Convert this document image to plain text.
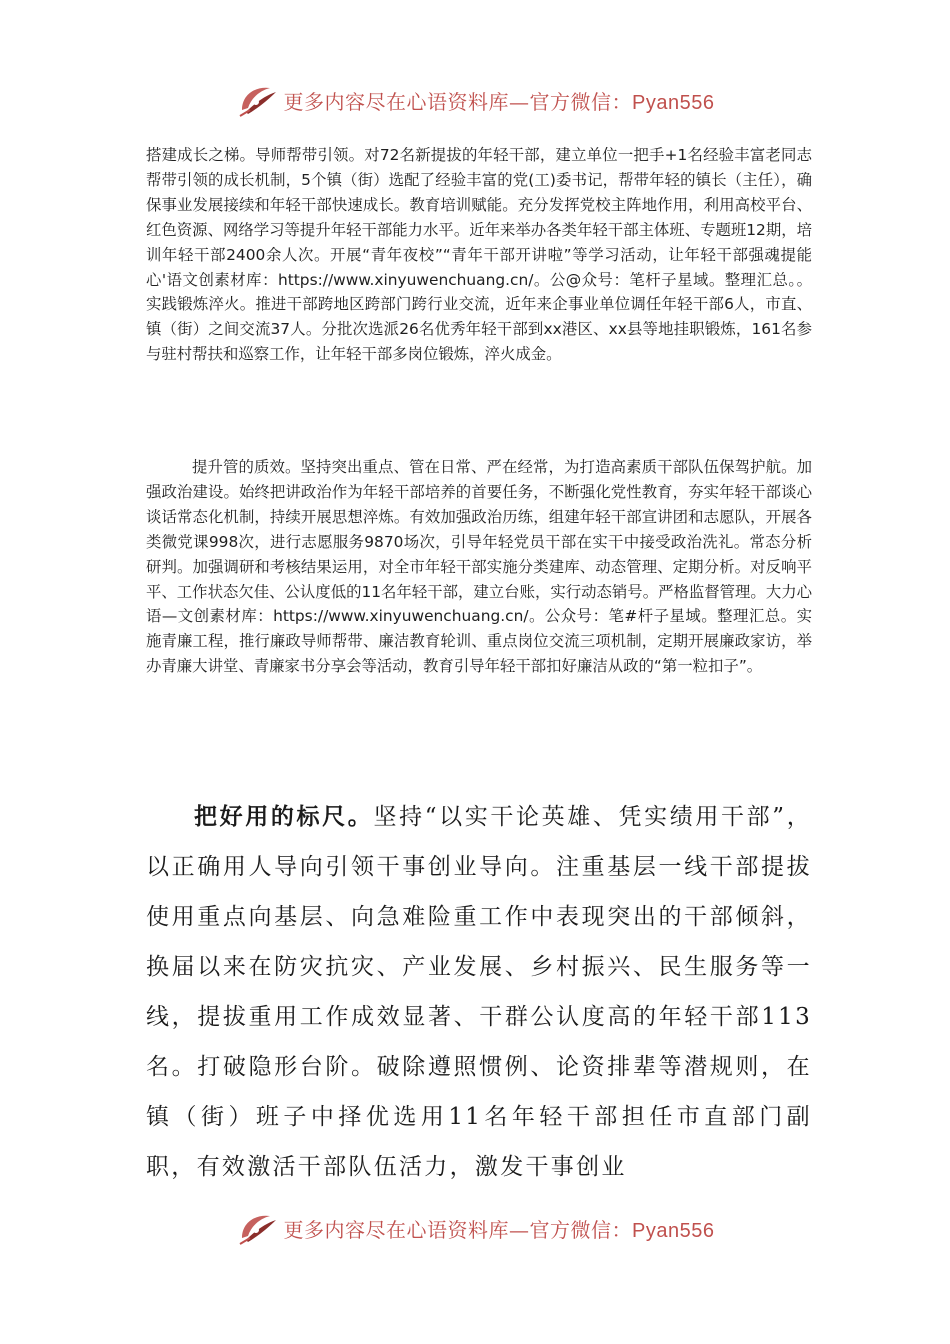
更多内容尽在心语资料库—官方微信：Pyan556

搭建成长之梯。导师帮带引领。对72名新提拔的年轻干部，建立单位一把手+1名经验丰富老同志帮带引领的成长机制，5个镇（街）选配了经验丰富的党(工)委书记，帮带年轻的镇长（主任），确保事业发展接续和年轻干部快速成长。教育培训赋能。充分发挥党校主阵地作用，利用高校平台、红色资源、网络学习等提升年轻干部能力水平。近年来举办各类年轻干部主体班、专题班12期，培训年轻干部2400余人次。开展“青年夜校”“青年干部开讲啦”等学习活动，让年轻干部强魂提能心'语文创素材库：https://www.xinyuwenchuang.cn/。公@众号：笔杆子星域。整理汇总。。实践锻炼淬火。推进干部跨地区跨部门跨行业交流，近年来企事业单位调任年轻干部6人，市直、镇（街）之间交流37人。分批次选派26名优秀年轻干部到xx港区、xx县等地挂职锻炼，161名参与驻村帮扶和巡察工作，让年轻干部多岗位锻炼，淬火成金。

提升管的质效。坚持突出重点、管在日常、严在经常，为打造高素质干部队伍保驾护航。加强政治建设。始终把讲政治作为年轻干部培养的首要任务，不断强化党性教育，夯实年轻干部谈心谈话常态化机制，持续开展思想淬炼。有效加强政治历练，组建年轻干部宣讲团和志愿队，开展各类微党课998次，进行志愿服务9870场次，引导年轻党员干部在实干中接受政治洗礼。常态分析研判。加强调研和考核结果运用，对全市年轻干部实施分类建库、动态管理、定期分析。对反响平平、工作状态欠佳、公认度低的11名年轻干部，建立台账，实行动态销号。严格监督管理。大力心语—文创素材库：https://www.xinyuwenchuang.cn/。公众号：笔#杆子星域。整理汇总。实施青廉工程，推行廉政导师帮带、廉洁教育轮训、重点岗位交流三项机制，定期开展廉政家访，举办青廉大讲堂、青廉家书分享会等活动，教育引导年轻干部扣好廉洁从政的“第一粒扣子”。

把好用的标尺。坚持“以实干论英雄、凭实绩用干部”，以正确用人导向引领干事创业导向。注重基层一线干部提拔使用重点向基层、向急难险重工作中表现突出的干部倾斜，换届以来在防灾抗灾、产业发展、乡村振兴、民生服务等一线，提拔重用工作成效显著、干群公认度高的年轻干部113名。打破隐形台阶。破除遵照惯例、论资排辈等潜规则，在镇（街）班子中择优选用11名年轻干部担任市直部门副职，有效激活干部队伍活力，激发干事创业

更多内容尽在心语资料库—官方微信：Pyan556
